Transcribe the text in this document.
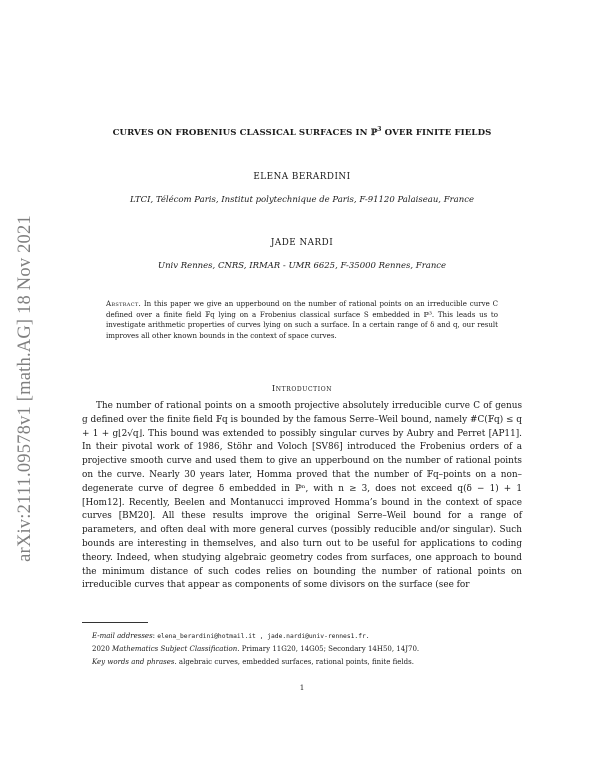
arXiv:2111.09578v1 [math.AG] 18 Nov 2021
CURVES ON FROBENIUS CLASSICAL SURFACES IN ℙ$^3$ OVER FINITE FIELDS
ELENA BERARDINI
LTCI, Télécom Paris, Institut polytechnique de Paris, F-91120 Palaiseau, France
JADE NARDI
Univ Rennes, CNRS, IRMAR - UMR 6625, F-35000 Rennes, France
Abstract. In this paper we give an upperbound on the number of rational points on an irreducible curve C defined over a finite field 𝔽q lying on a Frobenius classical surface S embedded in ℙ³. This leads us to investigate arithmetic properties of curves lying on such a surface. In a certain range of δ and q, our result improves all other known bounds in the context of space curves.
Introduction

The number of rational points on a smooth projective absolutely irreducible curve C of genus g defined over the finite field 𝔽q is bounded by the famous Serre–Weil bound, namely #C(𝔽q) ≤ q + 1 + g⌊2√q⌋. This bound was extended to possibly singular curves by Aubry and Perret [AP11]. In their pivotal work of 1986, Stöhr and Voloch [SV86] introduced the Frobenius orders of a projective smooth curve and used them to give an upperbound on the number of rational points on the curve. Nearly 30 years later, Homma proved that the number of 𝔽q–points on a non–degenerate curve of degree δ embedded in ℙⁿ, with n ≥ 3, does not exceed q(δ − 1) + 1 [Hom12]. Recently, Beelen and Montanucci improved Homma’s bound in the context of space curves [BM20]. All these results improve the original Serre–Weil bound for a range of parameters, and often deal with more general curves (possibly reducible and/or singular). Such bounds are interesting in themselves, and also turn out to be useful for applications to coding theory. Indeed, when studying algebraic geometry codes from surfaces, one approach to bound the minimum distance of such codes relies on bounding the number of rational points on irreducible curves that appear as components of some divisors on the surface (see for

E-mail addresses: elena_berardini@hotmail.it , jade.nardi@univ-rennes1.fr.
2020 Mathematics Subject Classification. Primary 11G20, 14G05; Secondary 14H50, 14J70.
Key words and phrases. algebraic curves, embedded surfaces, rational points, finite fields.
1
